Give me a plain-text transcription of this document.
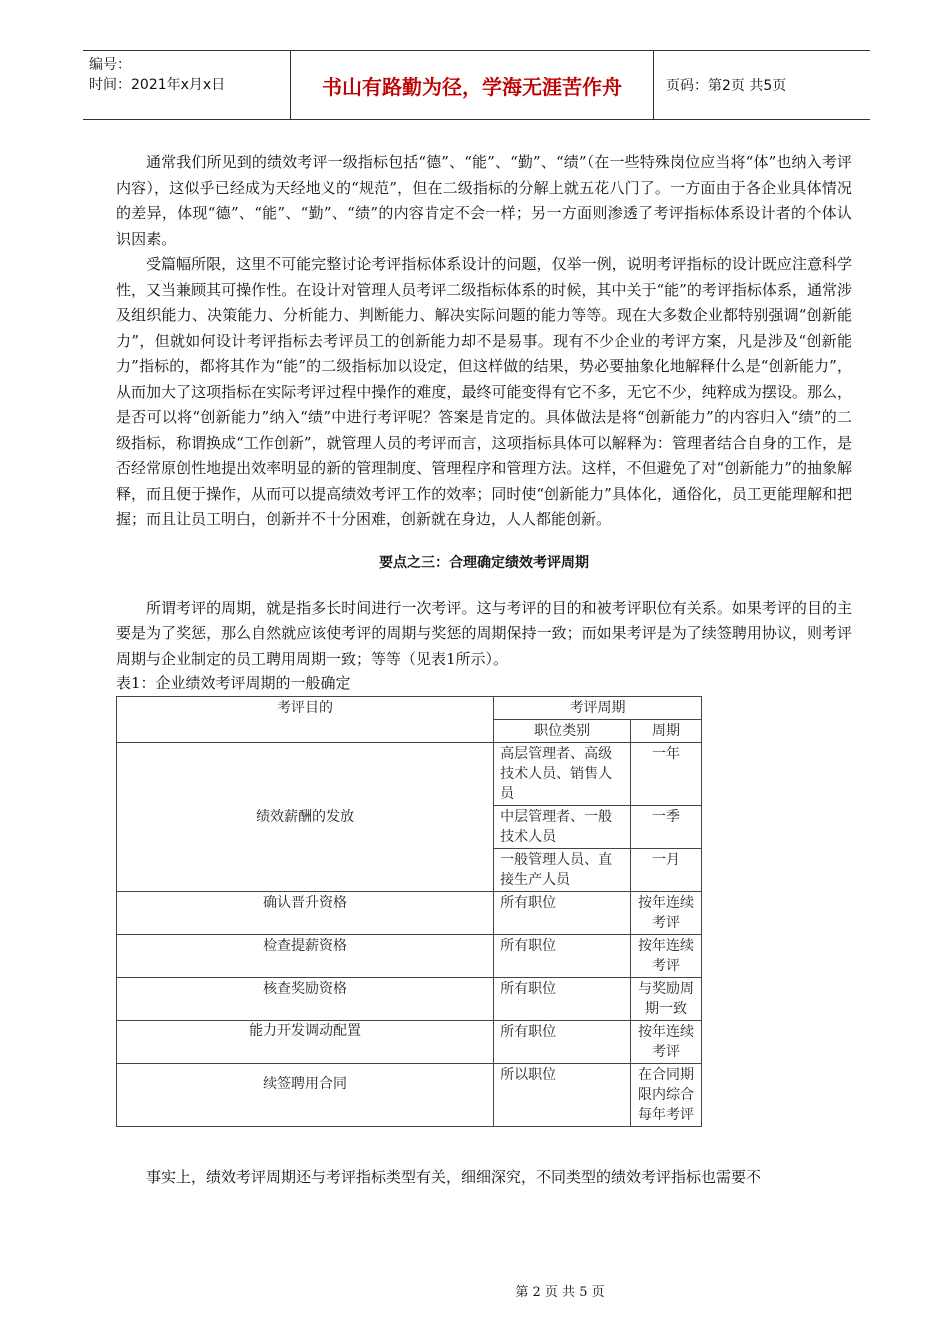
编号：
时间：2021年x月x日	书山有路勤为径，学海无涯苦作舟	页码：第2页 共5页

通常我们所见到的绩效考评一级指标包括“德”、“能”、“勤”、“绩”（在一些特殊岗位应当将“体”也纳入考评内容），这似乎已经成为天经地义的“规范”，但在二级指标的分解上就五花八门了。一方面由于各企业具体情况的差异，体现“德”、“能”、“勤”、“绩”的内容肯定不会一样；另一方面则渗透了考评指标体系设计者的个体认识因素。

受篇幅所限，这里不可能完整讨论考评指标体系设计的问题，仅举一例，说明考评指标的设计既应注意科学性，又当兼顾其可操作性。在设计对管理人员考评二级指标体系的时候，其中关于“能”的考评指标体系，通常涉及组织能力、决策能力、分析能力、判断能力、解决实际问题的能力等等。现在大多数企业都特别强调“创新能力”，但就如何设计考评指标去考评员工的创新能力却不是易事。现有不少企业的考评方案，凡是涉及“创新能力”指标的，都将其作为“能”的二级指标加以设定，但这样做的结果，势必要抽象化地解释什么是“创新能力”，从而加大了这项指标在实际考评过程中操作的难度，最终可能变得有它不多，无它不少，纯粹成为摆设。那么，是否可以将“创新能力”纳入“绩”中进行考评呢？答案是肯定的。具体做法是将“创新能力”的内容归入“绩”的二级指标，称谓换成“工作创新”，就管理人员的考评而言，这项指标具体可以解释为：管理者结合自身的工作，是否经常原创性地提出效率明显的新的管理制度、管理程序和管理方法。这样，不但避免了对“创新能力”的抽象解释，而且便于操作，从而可以提高绩效考评工作的效率；同时使“创新能力”具体化，通俗化，员工更能理解和把握；而且让员工明白，创新并不十分困难，创新就在身边，人人都能创新。

要点之三：合理确定绩效考评周期

所谓考评的周期，就是指多长时间进行一次考评。这与考评的目的和被考评职位有关系。如果考评的目的主要是为了奖惩，那么自然就应该使考评的周期与奖惩的周期保持一致；而如果考评是为了续签聘用协议，则考评周期与企业制定的员工聘用周期一致；等等（见表1所示）。

表1：企业绩效考评周期的一般确定

考评目的	考评周期	
	职位类别	周期
绩效薪酬的发放	高层管理者、高级技术人员、销售人员	一年
	中层管理者、一般技术人员	一季
	一般管理人员、直接生产人员	一月
确认晋升资格	所有职位	按年连续考评
检查提薪资格	所有职位	按年连续考评
核查奖励资格	所有职位	与奖励周期一致
能力开发调动配置	所有职位	按年连续考评
续签聘用合同	所以职位	在合同期限内综合每年考评

事实上，绩效考评周期还与考评指标类型有关，细细深究，不同类型的绩效考评指标也需要不

第 2 页 共 5 页
